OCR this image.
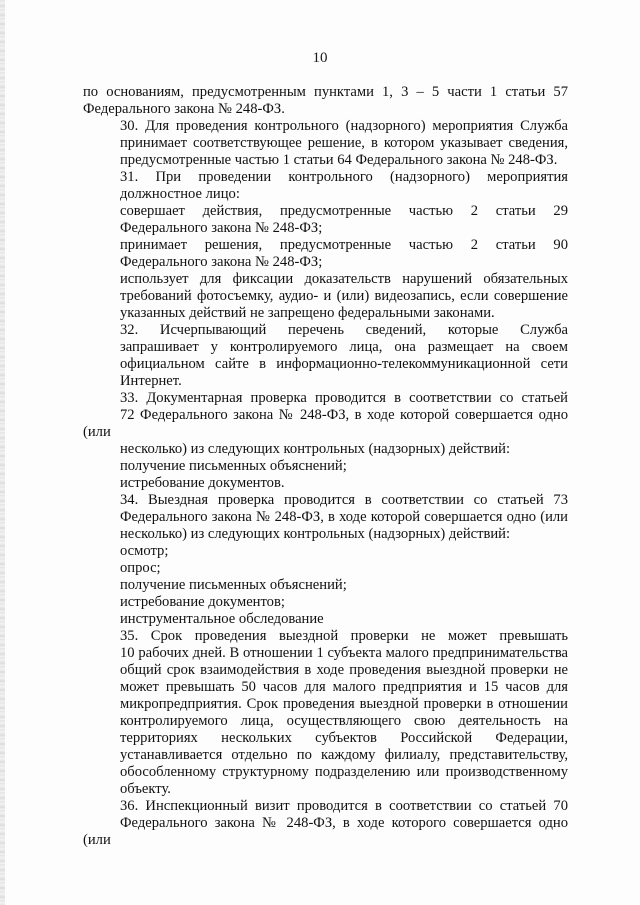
10
по основаниям, предусмотренным пунктами 1, 3 – 5 части 1 статьи 57
Федерального закона № 248-ФЗ.
30. Для проведения контрольного (надзорного) мероприятия Служба
принимает соответствующее решение, в котором указывает сведения,
предусмотренные частью 1 статьи 64 Федерального закона № 248-ФЗ.
31. При проведении контрольного (надзорного) мероприятия
должностное лицо:
совершает действия, предусмотренные частью 2 статьи 29
Федерального закона № 248-ФЗ;
принимает решения, предусмотренные частью 2 статьи 90
Федерального закона № 248-ФЗ;
использует для фиксации доказательств нарушений обязательных
требований фотосъемку, аудио- и (или) видеозапись, если совершение
указанных действий не запрещено федеральными законами.
32. Исчерпывающий перечень сведений, которые Служба
запрашивает у контролируемого лица, она размещает на своем
официальном сайте в информационно-телекоммуникационной сети
Интернет.
33. Документарная проверка проводится в соответствии со статьей
72 Федерального закона № 248-ФЗ, в ходе которой совершается одно (или
несколько) из следующих контрольных (надзорных) действий:
получение письменных объяснений;
истребование документов.
34. Выездная проверка проводится в соответствии со статьей 73
Федерального закона № 248-ФЗ, в ходе которой совершается одно (или
несколько) из следующих контрольных (надзорных) действий:
осмотр;
опрос;
получение письменных объяснений;
истребование документов;
инструментальное обследование
35. Срок проведения выездной проверки не может превышать
10 рабочих дней. В отношении 1 субъекта малого предпринимательства
общий срок взаимодействия в ходе проведения выездной проверки не
может превышать 50 часов для малого предприятия и 15 часов для
микропредприятия. Срок проведения выездной проверки в отношении
контролируемого лица, осуществляющего свою деятельность на
территориях нескольких субъектов Российской Федерации,
устанавливается отдельно по каждому филиалу, представительству,
обособленному структурному подразделению или производственному
объекту.
36. Инспекционный визит проводится в соответствии со статьей 70
Федерального закона № 248-ФЗ, в ходе которого совершается одно (или
